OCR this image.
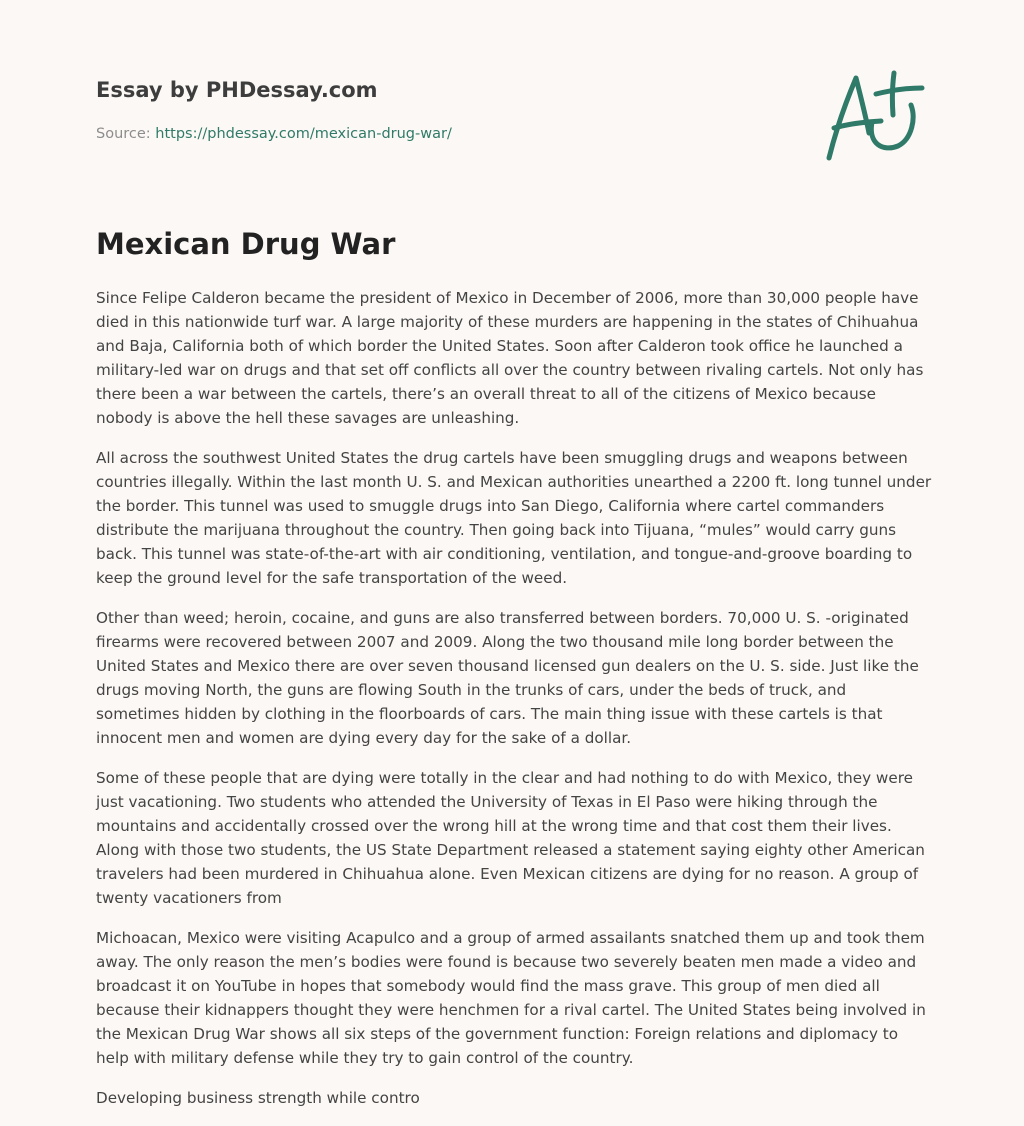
Essay by PHDessay.com
Source: https://phdessay.com/mexican-drug-war/
Mexican Drug War

Since Felipe Calderon became the president of Mexico in December of 2006, more than 30,000 people have died in this nationwide turf war. A large majority of these murders are happening in the states of Chihuahua and Baja, California both of which border the United States. Soon after Calderon took office he launched a military-led war on drugs and that set off conflicts all over the country between rivaling cartels. Not only has there been a war between the cartels, there’s an overall threat to all of the citizens of Mexico because nobody is above the hell these savages are unleashing.

All across the southwest United States the drug cartels have been smuggling drugs and weapons between countries illegally. Within the last month U. S. and Mexican authorities unearthed a 2200 ft. long tunnel under the border. This tunnel was used to smuggle drugs into San Diego, California where cartel commanders distribute the marijuana throughout the country. Then going back into Tijuana, “mules” would carry guns back. This tunnel was state-of-the-art with air conditioning, ventilation, and tongue-and-groove boarding to keep the ground level for the safe transportation of the weed.

Other than weed; heroin, cocaine, and guns are also transferred between borders. 70,000 U. S. -originated firearms were recovered between 2007 and 2009. Along the two thousand mile long border between the United States and Mexico there are over seven thousand licensed gun dealers on the U. S. side. Just like the drugs moving North, the guns are flowing South in the trunks of cars, under the beds of truck, and sometimes hidden by clothing in the floorboards of cars. The main thing issue with these cartels is that innocent men and women are dying every day for the sake of a dollar.

Some of these people that are dying were totally in the clear and had nothing to do with Mexico, they were just vacationing. Two students who attended the University of Texas in El Paso were hiking through the mountains and accidentally crossed over the wrong hill at the wrong time and that cost them their lives. Along with those two students, the US State Department released a statement saying eighty other American travelers had been murdered in Chihuahua alone. Even Mexican citizens are dying for no reason. A group of twenty vacationers from

Michoacan, Mexico were visiting Acapulco and a group of armed assailants snatched them up and took them away. The only reason the men’s bodies were found is because two severely beaten men made a video and broadcast it on YouTube in hopes that somebody would find the mass grave. This group of men died all because their kidnappers thought they were henchmen for a rival cartel. The United States being involved in the Mexican Drug War shows all six steps of the government function: Foreign relations and diplomacy to help with military defense while they try to gain control of the country.

Developing business strength while contro
